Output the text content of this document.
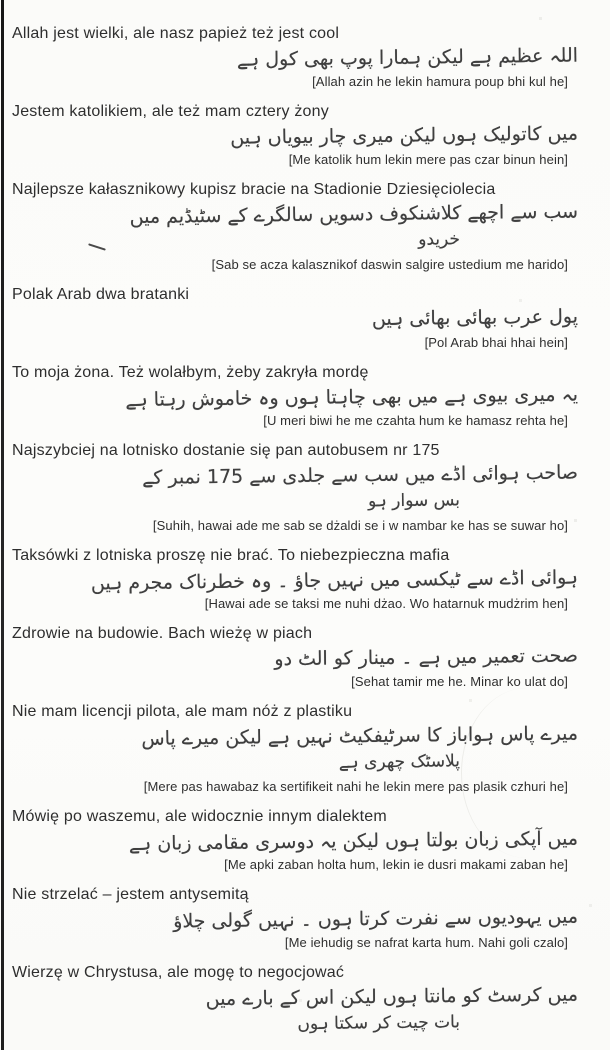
Allah jest wielki, ale nasz papież też jest cool
اللہ عظیم ہے لیکن ہمارا پوپ بھی کول ہے
[Allah azin he lekin hamura poup bhi kul he]
Jestem katolikiem, ale też mam cztery żony
میں کاتولیک ہوں لیکن میری چار بیویاں ہیں
[Me katolik hum lekin mere pas czar binun hein]
Najlepsze kałasznikowy kupisz bracie na Stadionie Dziesięciolecia
سب سے اچھے کلاشنکوف دسویں سالگرے کے سٹیڈیم میں
خریدو
[Sab se acza kalasznikof daswin salgire ustedium me harido]
Polak Arab dwa bratanki
پول عرب بھائی بھائی ہیں
[Pol Arab bhai hhai hein]
To moja żona. Też wolałbym, żeby zakryła mordę
یہ میری بیوی ہے میں بھی چاہتا ہوں وہ خاموش رہتا ہے
[U meri biwi he me czahta hum ke hamasz rehta he]
Najszybciej na lotnisko dostanie się pan autobusem nr 175
صاحب ہوائی اڈے میں سب سے جلدی سے 175 نمبر کے
بس سوار ہو
[Suhih, hawai ade me sab se dżaldi se i w nambar ke has se suwar ho]
Taksówki z lotniska proszę nie brać. To niebezpieczna mafia
ہوائی اڈے سے ٹیکسی میں نہیں جاؤ ۔ وہ خطرناک مجرم ہیں
[Hawai ade se taksi me nuhi dżao. Wo hatarnuk mudżrim hen]
Zdrowie na budowie. Bach wieżę w piach
صحت تعمیر میں ہے ۔ مینار کو الٹ دو
[Sehat tamir me he. Minar ko ulat do]
Nie mam licencji pilota, ale mam nóż z plastiku
میرے پاس ہواباز کا سرٹیفکیٹ نہیں ہے لیکن میرے پاس
پلاسٹک چھری ہے
[Mere pas hawabaz ka sertifikeit nahi he lekin mere pas plasik czhuri he]
Mówię po waszemu, ale widocznie innym dialektem
میں آپکی زبان بولتا ہوں لیکن یہ دوسری مقامی زبان ہے
[Me apki zaban holta hum, lekin ie dusri makami zaban he]
Nie strzelać – jestem antysemitą
میں یہودیوں سے نفرت کرتا ہوں ۔ نہیں گولی چلاؤ
[Me iehudig se nafrat karta hum. Nahi goli czalo]
Wierzę w Chrystusa, ale mogę to negocjować
میں کرسٹ کو مانتا ہوں لیکن اس کے بارے میں
بات چیت کر سکتا ہوں
